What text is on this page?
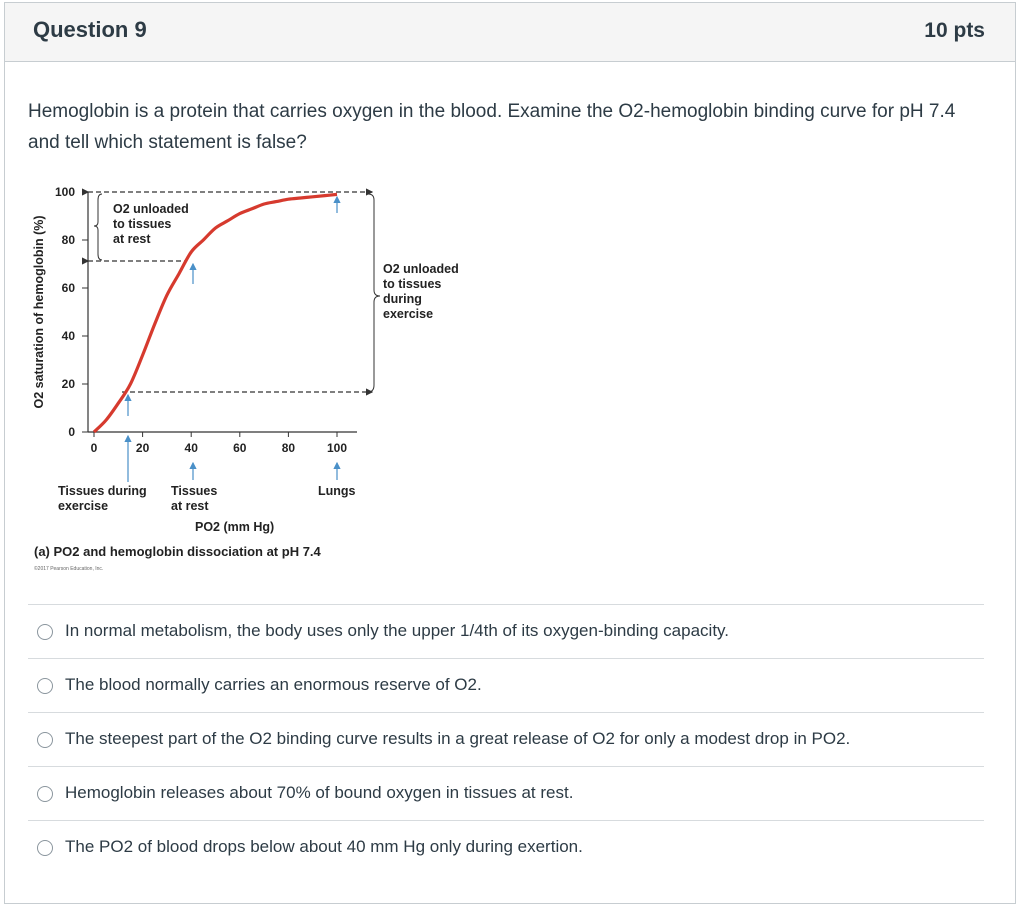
Question 9	10 pts

Hemoglobin is a protein that carries oxygen in the blood. Examine the O2-hemoglobin binding curve for pH 7.4 and tell which statement is false?

O2 saturation of hemoglobin (%)
0
20
40
60
80
100
0	20	40	60	80	100
O2 unloaded
to tissues
at rest
O2 unloaded
to tissues
during
exercise
Tissues during
exercise
Tissues
at rest
Lungs
PO2 (mm Hg)
(a) PO2 and hemoglobin dissociation at pH 7.4
©2017 Pearson Education, Inc.
In normal metabolism, the body uses only the upper 1/4th of its oxygen-binding capacity.
The blood normally carries an enormous reserve of O2.
The steepest part of the O2 binding curve results in a great release of O2 for only a modest drop in PO2.
Hemoglobin releases about 70% of bound oxygen in tissues at rest.
The PO2 of blood drops below about 40 mm Hg only during exertion.
